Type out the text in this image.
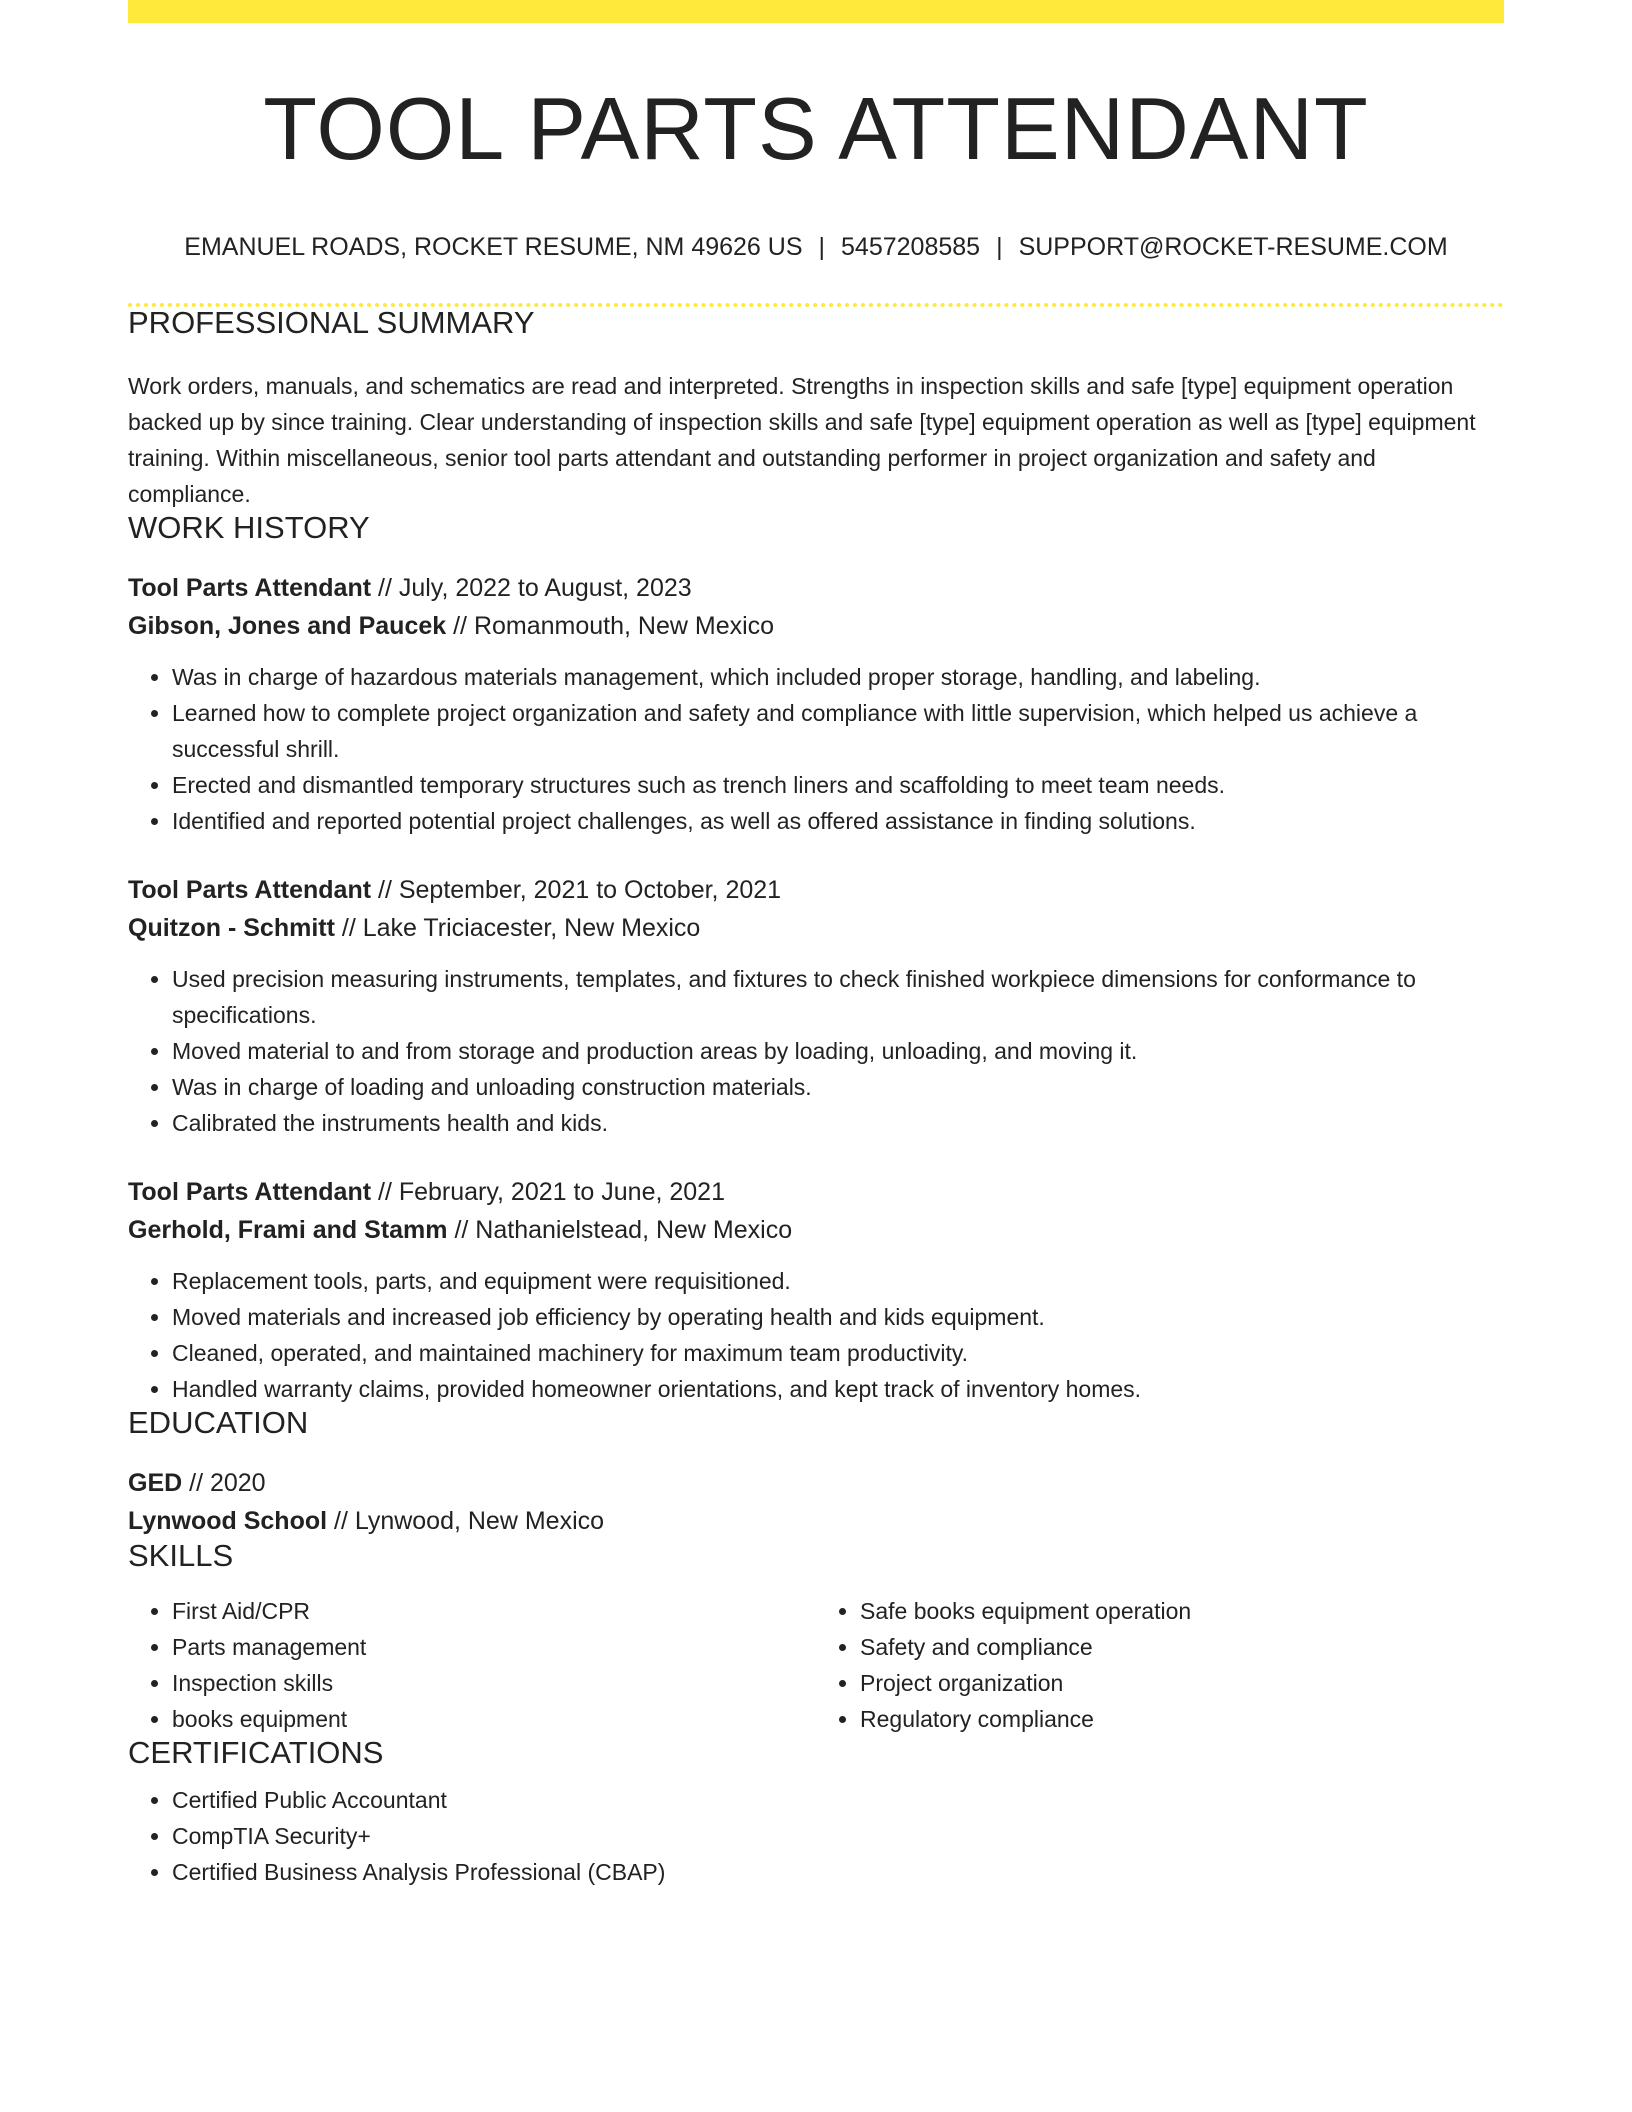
TOOL PARTS ATTENDANT
EMANUEL ROADS, ROCKET RESUME, NM 49626 US | 5457208585 | SUPPORT@ROCKET-RESUME.COM
PROFESSIONAL SUMMARY
Work orders, manuals, and schematics are read and interpreted. Strengths in inspection skills and safe [type] equipment operation backed up by since training. Clear understanding of inspection skills and safe [type] equipment operation as well as [type] equipment training. Within miscellaneous, senior tool parts attendant and outstanding performer in project organization and safety and compliance.
WORK HISTORY
Tool Parts Attendant // July, 2022 to August, 2023
Gibson, Jones and Paucek // Romanmouth, New Mexico
• Was in charge of hazardous materials management, which included proper storage, handling, and labeling.
• Learned how to complete project organization and safety and compliance with little supervision, which helped us achieve a successful shrill.
• Erected and dismantled temporary structures such as trench liners and scaffolding to meet team needs.
• Identified and reported potential project challenges, as well as offered assistance in finding solutions.
Tool Parts Attendant // September, 2021 to October, 2021
Quitzon - Schmitt // Lake Triciacester, New Mexico
• Used precision measuring instruments, templates, and fixtures to check finished workpiece dimensions for conformance to specifications.
• Moved material to and from storage and production areas by loading, unloading, and moving it.
• Was in charge of loading and unloading construction materials.
• Calibrated the instruments health and kids.
Tool Parts Attendant // February, 2021 to June, 2021
Gerhold, Frami and Stamm // Nathanielstead, New Mexico
• Replacement tools, parts, and equipment were requisitioned.
• Moved materials and increased job efficiency by operating health and kids equipment.
• Cleaned, operated, and maintained machinery for maximum team productivity.
• Handled warranty claims, provided homeowner orientations, and kept track of inventory homes.
EDUCATION
GED // 2020
Lynwood School // Lynwood, New Mexico
SKILLS
• First Aid/CPR
• Parts management
• Inspection skills
• books equipment
• Safe books equipment operation
• Safety and compliance
• Project organization
• Regulatory compliance
CERTIFICATIONS
• Certified Public Accountant
• CompTIA Security+
• Certified Business Analysis Professional (CBAP)
